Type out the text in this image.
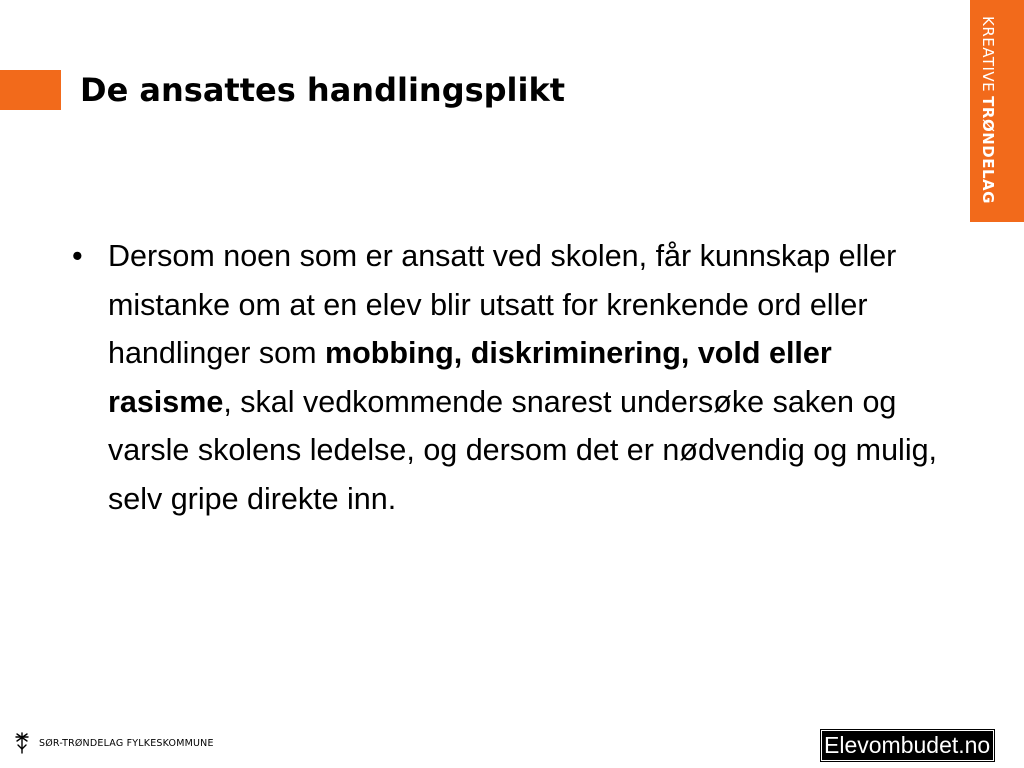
De ansattes handlingsplikt	KREATIVETRØNDELAG
• Dersom noen som er ansatt ved skolen, får kunnskap eller mistanke om at en elev blir utsatt for krenkende ord eller handlinger som mobbing, diskriminering, vold eller rasisme, skal vedkommende snarest undersøke saken og varsle skolens ledelse, og dersom det er nødvendig og mulig, selv gripe direkte inn.
SØR-TRØNDELAG FYLKESKOMMUNE	Elevombudet.no
